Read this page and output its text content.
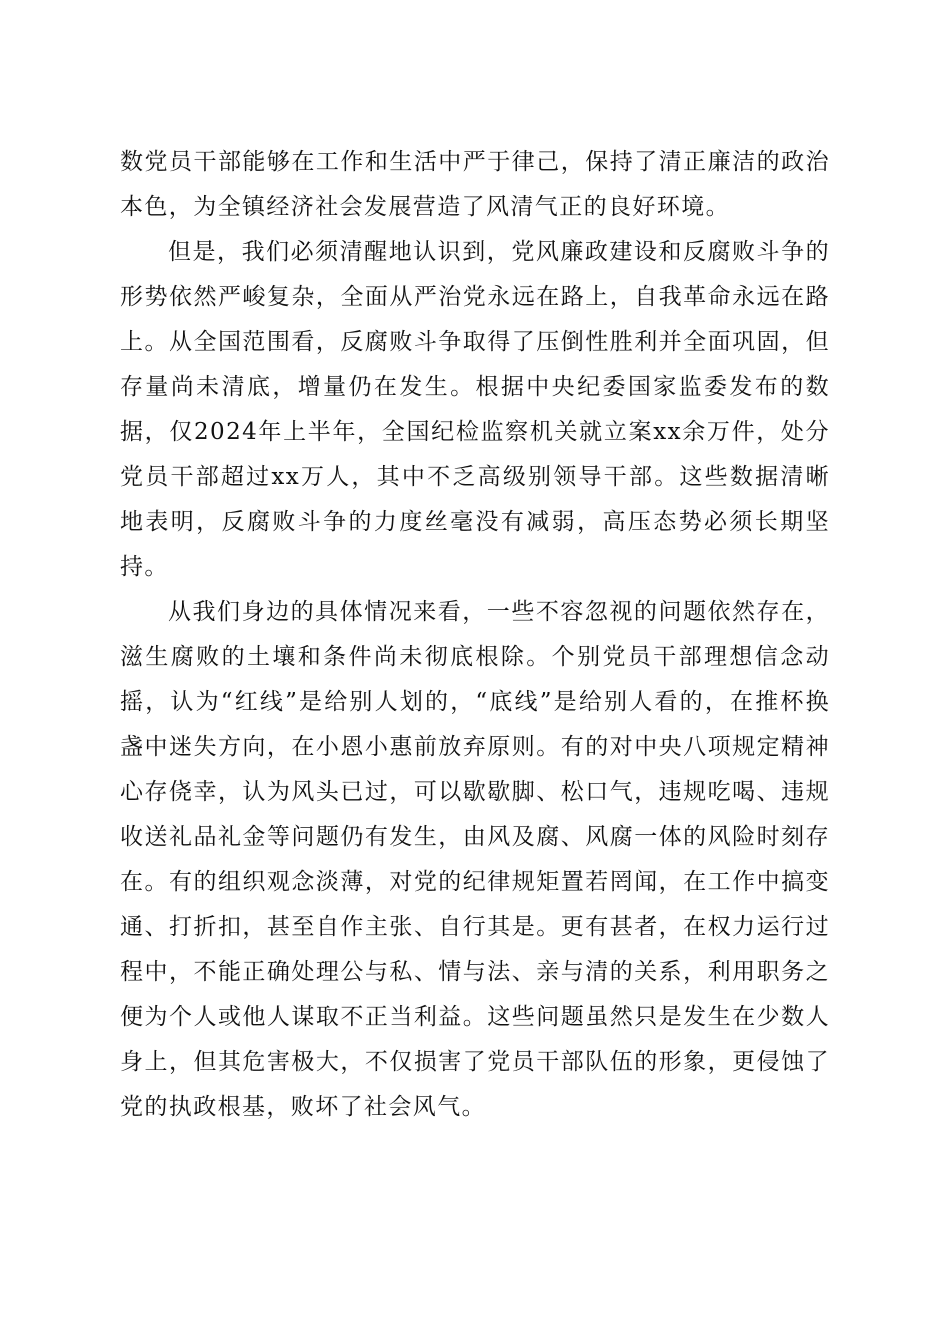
数党员干部能够在工作和生活中严于律己，保持了清正廉洁的政治本色，为全镇经济社会发展营造了风清气正的良好环境。

但是，我们必须清醒地认识到，党风廉政建设和反腐败斗争的形势依然严峻复杂，全面从严治党永远在路上，自我革命永远在路上。从全国范围看，反腐败斗争取得了压倒性胜利并全面巩固，但存量尚未清底，增量仍在发生。根据中央纪委国家监委发布的数据，仅2024年上半年，全国纪检监察机关就立案xx余万件，处分党员干部超过xx万人，其中不乏高级别领导干部。这些数据清晰地表明，反腐败斗争的力度丝毫没有减弱，高压态势必须长期坚持。

从我们身边的具体情况来看，一些不容忽视的问题依然存在，滋生腐败的土壤和条件尚未彻底根除。个别党员干部理想信念动摇，认为“红线”是给别人划的，“底线”是给别人看的，在推杯换盏中迷失方向，在小恩小惠前放弃原则。有的对中央八项规定精神心存侥幸，认为风头已过，可以歇歇脚、松口气，违规吃喝、违规收送礼品礼金等问题仍有发生，由风及腐、风腐一体的风险时刻存在。有的组织观念淡薄，对党的纪律规矩置若罔闻，在工作中搞变通、打折扣，甚至自作主张、自行其是。更有甚者，在权力运行过程中，不能正确处理公与私、情与法、亲与清的关系，利用职务之便为个人或他人谋取不正当利益。这些问题虽然只是发生在少数人身上，但其危害极大，不仅损害了党员干部队伍的形象，更侵蚀了党的执政根基，败坏了社会风气。
